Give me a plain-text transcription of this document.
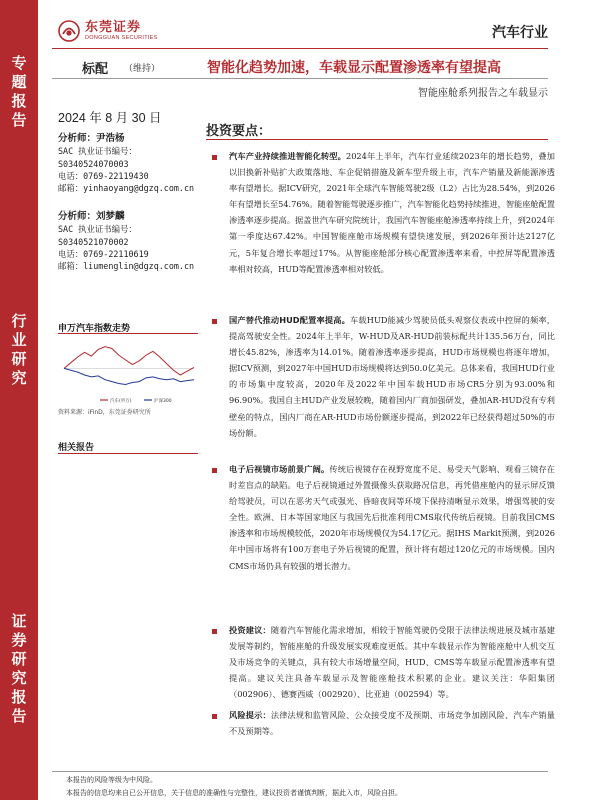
专
题
报
告
行
业
研
究
证
券
研
究
报
告
东莞证券
DONGGUAN SECURITIES	汽车行业
标配 （维持）	智能化趋势加速，车载显示配置渗透率有望提高
智能座舱系列报告之车载显示
2024 年 8 月 30 日
分析师：尹浩杨
SAC 执业证书编号：
S0340524070003
电话：0769-22119430
邮箱：yinhaoyang@dgzq.com.cn
分析师：刘梦麟
SAC 执业证书编号：
S0340521070002
电话：0769-22110619
邮箱：liumenglin@dgzq.com.cn
申万汽车指数走势
汽车(申万)	沪深300
资料来源：iFinD，东莞证券研究所
相关报告
投资要点：
汽车产业持续推进智能化转型。2024年上半年，汽车行业延续2023年的增长趋势，叠加以旧换新补贴扩大政策落地、车企促销措施及新车型升级上市，汽车产销量及新能源渗透率有望增长。据ICV研究，2021年全球汽车智能驾驶2级（L2）占比为28.54%，到2026年有望增长至54.76%。随着智能驾驶逐步推广，汽车智能化趋势持续推进，智能座舱配置渗透率逐步提高。据盖世汽车研究院统计，我国汽车智能座舱渗透率持续上升，到2024年第一季度达67.42%。中国智能座舱市场规模有望快速发展，到2026年预计达2127亿元，5年复合增长率超过17%。从智能座舱部分核心配置渗透率来看，中控屏等配置渗透率相对较高，HUD等配置渗透率相对较低。
国产替代推动HUD配置率提高。车载HUD能减少驾驶员低头观察仪表或中控屏的频率，提高驾驶安全性。2024年上半年，W-HUD及AR-HUD前装标配共计135.56万台，同比增长45.82%，渗透率为14.01%。随着渗透率逐步提高，HUD市场规模也将逐年增加，据ICV预测，到2027年中国HUD市场规模将达到50.0亿美元。总体来看，我国HUD行业的市场集中度较高，2020年及2022年中国车载HUD市场CR5分别为93.00%和96.90%。我国自主HUD产业发展较晚，随着国内厂商加强研发，叠加AR-HUD没有专利壁垒的特点，国内厂商在AR-HUD市场份额逐步提高，到2022年已经获得超过50%的市场份额。
电子后视镜市场前景广阔。传统后视镜存在视野宽度不足、易受天气影响、观看三镜存在时差盲点的缺陷。电子后视镜通过外置摄像头获取路况信息，再凭借座舱内的显示屏反馈给驾驶员，可以在恶劣天气或强光、昏暗夜间等环境下保持清晰显示效果，增强驾驶的安全性。欧洲、日本等国家地区与我国先后批准利用CMS取代传统后视镜。目前我国CMS渗透率和市场规模较低，2020年市场规模仅为54.17亿元。据IHS Markit预测，到2026年中国市场将有100万套电子外后视镜的配置，预计将有超过120亿元的市场规模。国内CMS市场仍具有较强的增长潜力。
投资建议：随着汽车智能化需求增加，相较于智能驾驶仍受限于法律法规进展及城市基建发展等制约，智能座舱的升级发展实现难度更低。其中车载显示作为智能座舱中人机交互及市场竞争的关键点，具有较大市场增量空间，HUD、CMS等车载显示配置渗透率有望提高。建议关注具备车载显示及智能座舱技术积累的企业。建议关注：华阳集团（002906）、德赛西威（002920）、比亚迪（002594）等。
风险提示：法律法规和监管风险、公众接受度不及预期、市场竞争加剧风险、汽车产销量不及预期等。
本报告的风险等级为中风险。
本报告的信息均来自已公开信息，关于信息的准确性与完整性，建议投资者谨慎判断，据此入市，风险自担。
